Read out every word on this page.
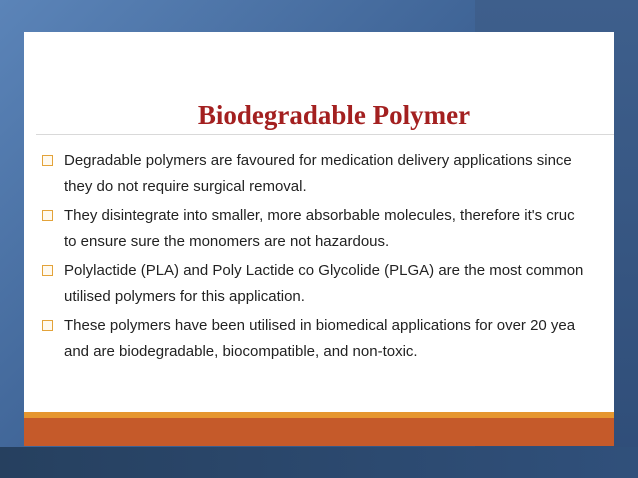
Biodegradable Polymer
Degradable polymers are favoured for medication delivery applications since
they do not require surgical removal.
They disintegrate into smaller, more absorbable molecules, therefore it's cruc
to ensure sure the monomers are not hazardous.
Polylactide (PLA) and Poly Lactide co Glycolide (PLGA) are the most common
utilised polymers for this application.
These polymers have been utilised in biomedical applications for over 20 yea
and are biodegradable, biocompatible, and non-toxic.
